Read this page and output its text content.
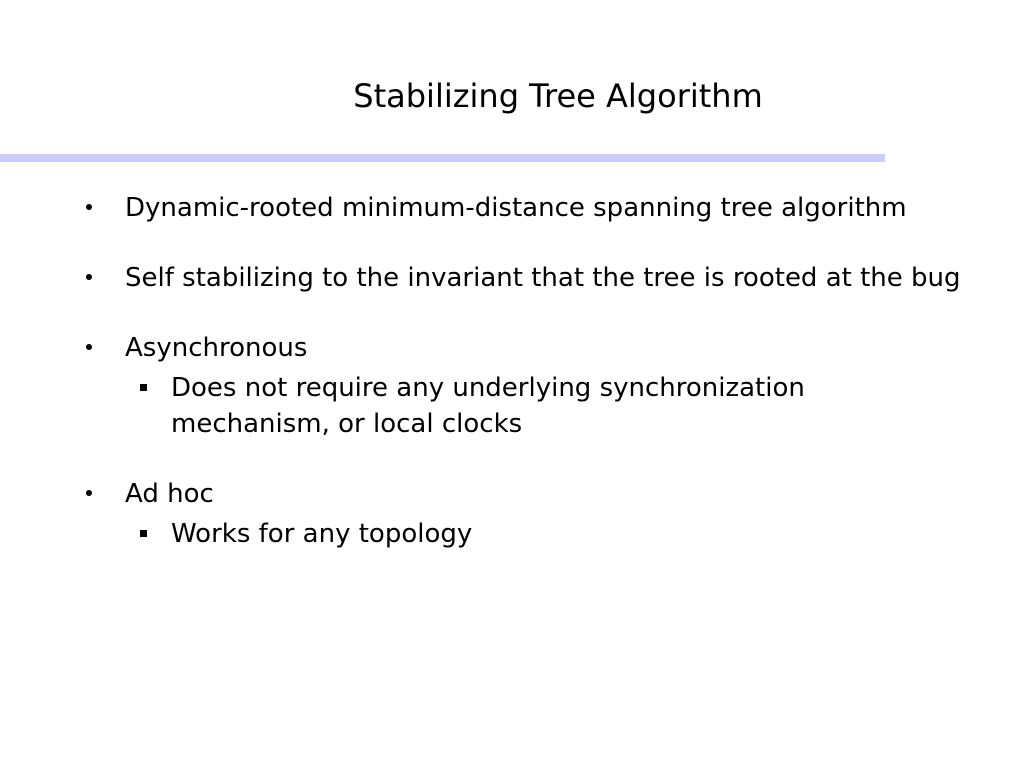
Stabilizing Tree Algorithm
Dynamic-rooted minimum-distance spanning tree algorithm
Self stabilizing to the invariant that the tree is rooted at the bug
Asynchronous
Does not require any underlying synchronization mechanism, or local clocks
Ad hoc
Works for any topology
